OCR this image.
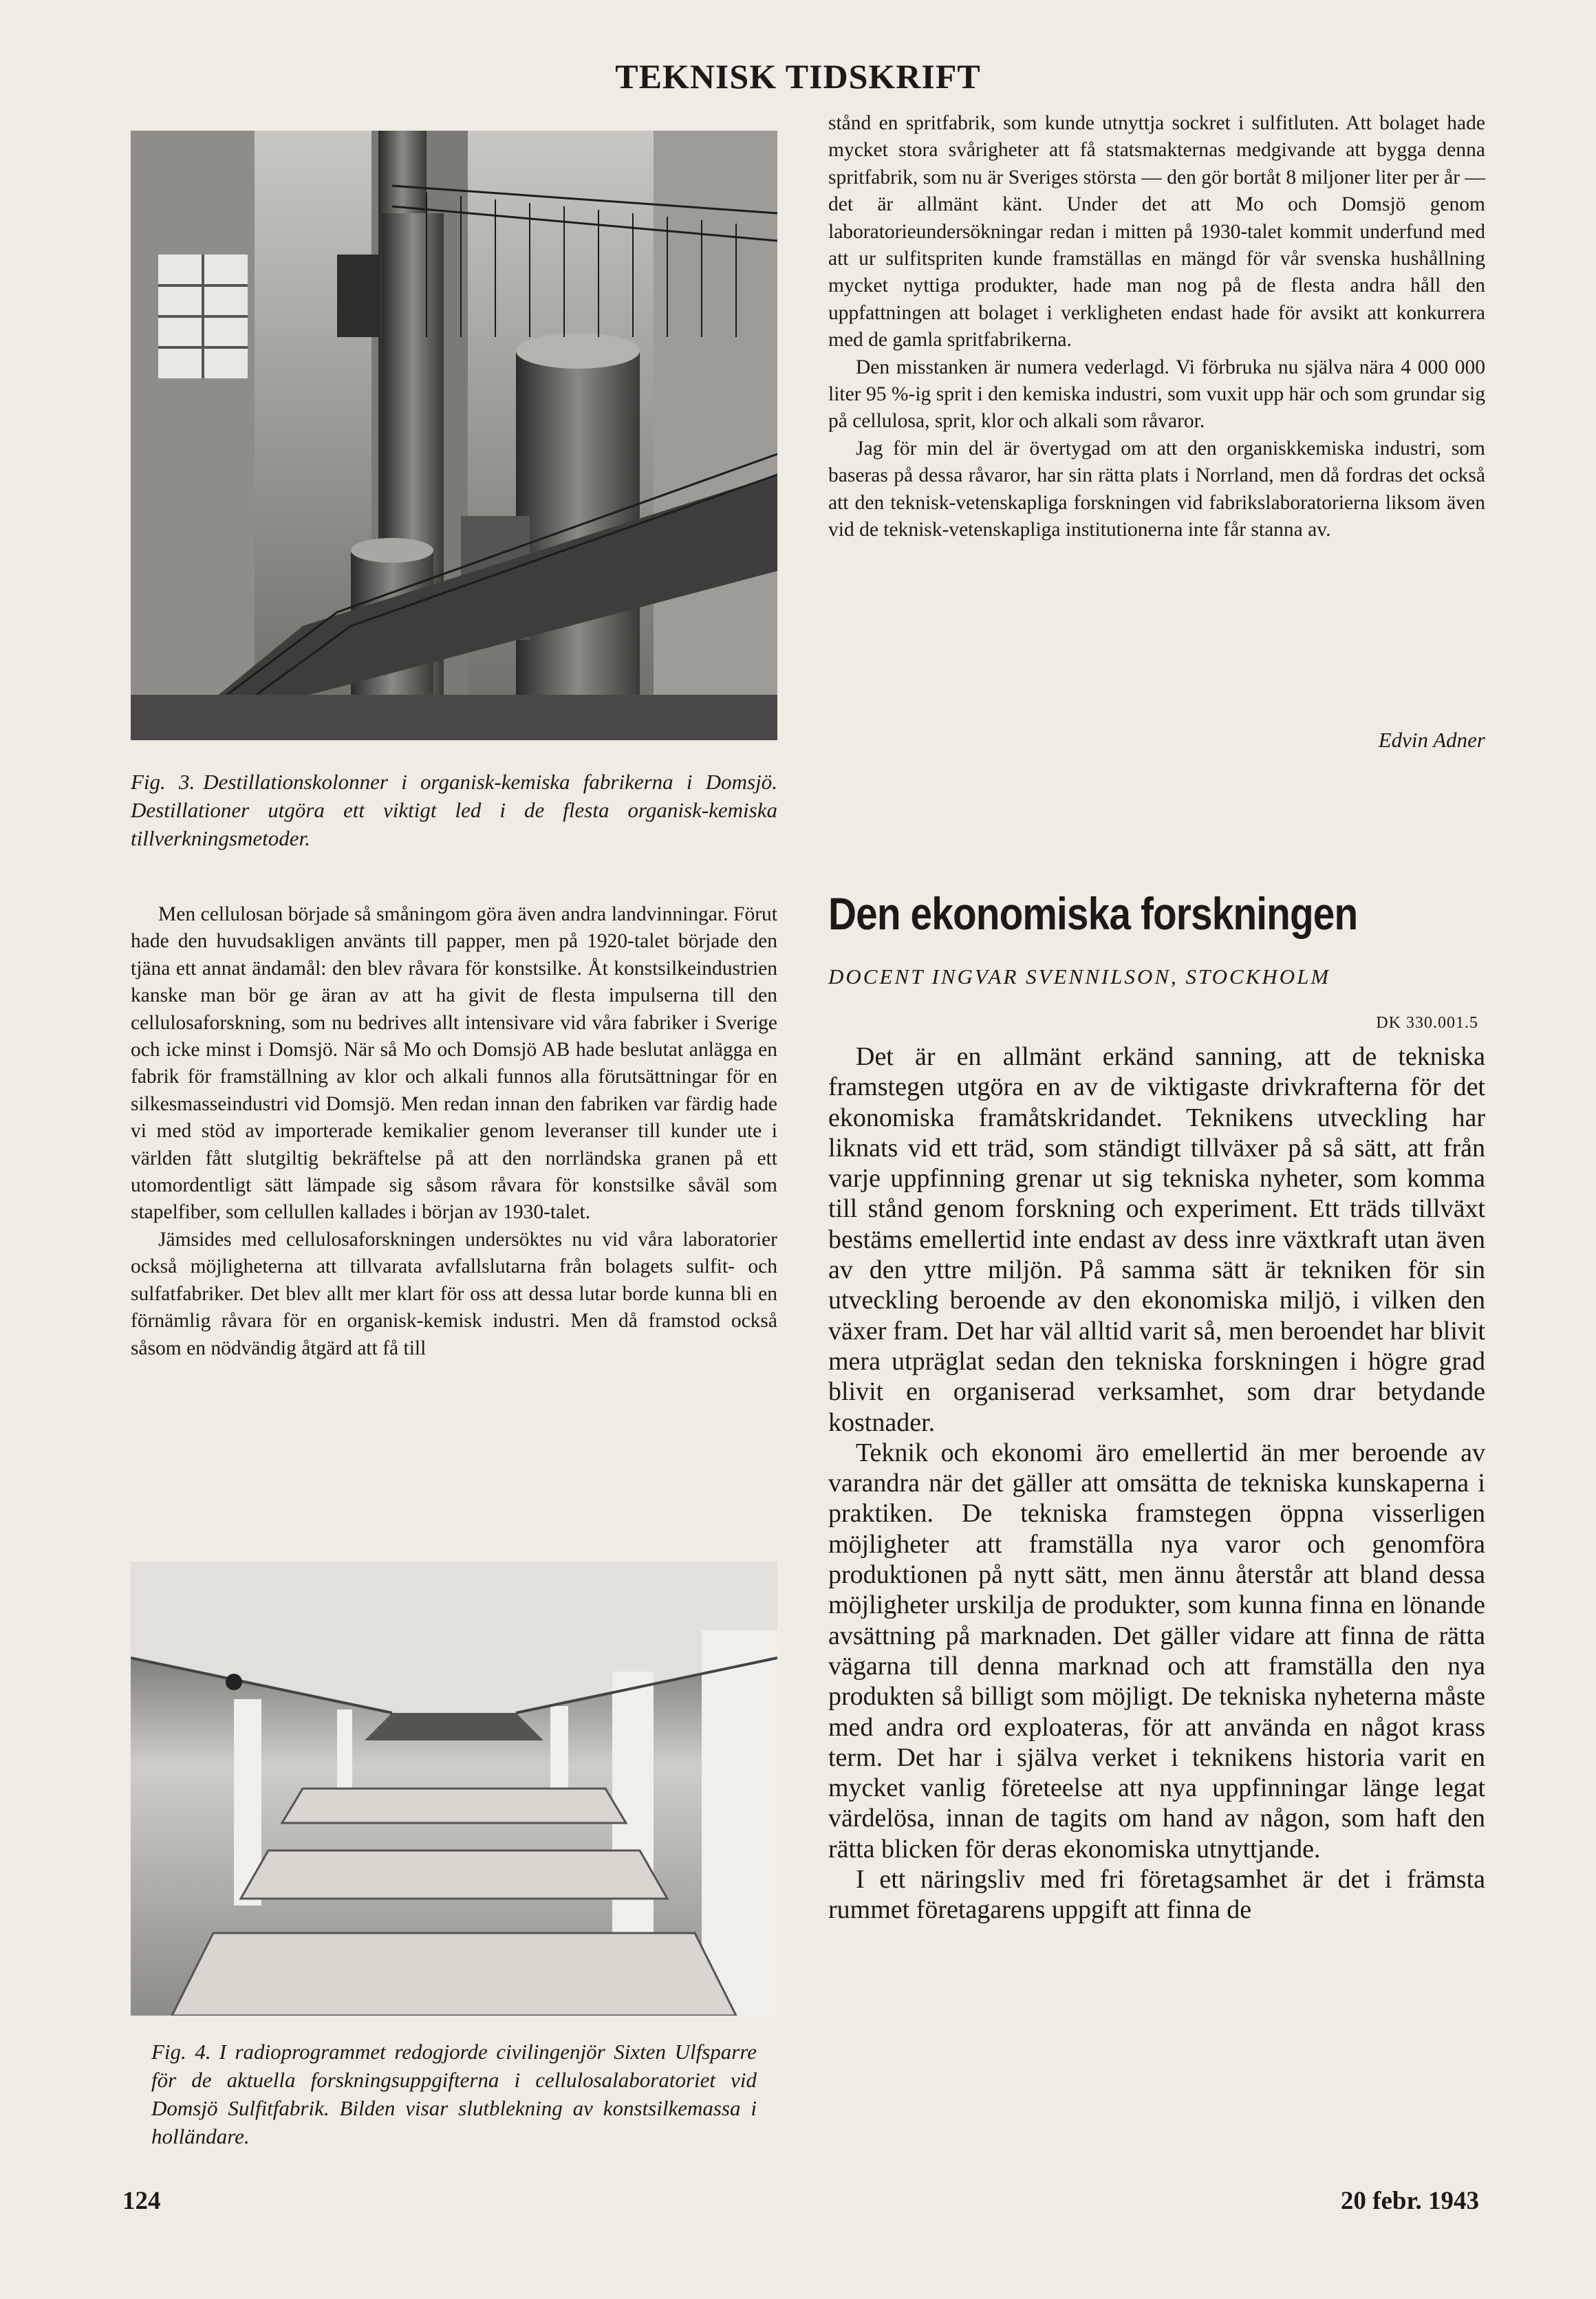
TEKNISK TIDSKRIFT
Fig. 3. Destillationskolonner i organisk-kemiska fabrikerna i Domsjö. Destillationer utgöra ett viktigt led i de flesta organisk-kemiska tillverkningsmetoder.

Men cellulosan började så småningom göra även andra landvinningar. Förut hade den huvudsakligen använts till papper, men på 1920-talet började den tjäna ett annat ändamål: den blev råvara för konstsilke. Åt konstsilkeindustrien kanske man bör ge äran av att ha givit de flesta impulserna till den cellulosaforskning, som nu bedrives allt intensivare vid våra fabriker i Sverige och icke minst i Domsjö. När så Mo och Domsjö AB hade beslutat anlägga en fabrik för framställning av klor och alkali funnos alla förutsättningar för en silkesmasseindustri vid Domsjö. Men redan innan den fabriken var färdig hade vi med stöd av importerade kemikalier genom leveranser till kunder ute i världen fått slutgiltig bekräftelse på att den norrländska granen på ett utomordentligt sätt lämpade sig såsom råvara för konstsilke såväl som stapelfiber, som cellullen kallades i början av 1930-talet.

Jämsides med cellulosaforskningen undersöktes nu vid våra laboratorier också möjligheterna att tillvarata avfallslutarna från bolagets sulfit- och sulfatfabriker. Det blev allt mer klart för oss att dessa lutar borde kunna bli en förnämlig råvara för en organisk-kemisk industri. Men då framstod också såsom en nödvändig åtgärd att få till

Fig. 4. I radioprogrammet redogjorde civilingenjör Sixten Ulfsparre för de aktuella forskningsuppgifterna i cellulosalaboratoriet vid Domsjö Sulfitfabrik. Bilden visar slutblekning av konstsilkemassa i holländare.

stånd en spritfabrik, som kunde utnyttja sockret i sulfitluten. Att bolaget hade mycket stora svårigheter att få statsmakternas medgivande att bygga denna spritfabrik, som nu är Sveriges största — den gör bortåt 8 miljoner liter per år — det är allmänt känt. Under det att Mo och Domsjö genom laboratorieundersökningar redan i mitten på 1930-talet kommit underfund med att ur sulfitspriten kunde framställas en mängd för vår svenska hushållning mycket nyttiga produkter, hade man nog på de flesta andra håll den uppfattningen att bolaget i verkligheten endast hade för avsikt att konkurrera med de gamla spritfabrikerna.

Den misstanken är numera vederlagd. Vi förbruka nu själva nära 4 000 000 liter 95 %-ig sprit i den kemiska industri, som vuxit upp här och som grundar sig på cellulosa, sprit, klor och alkali som råvaror.

Jag för min del är övertygad om att den organiskkemiska industri, som baseras på dessa råvaror, har sin rätta plats i Norrland, men då fordras det också att den teknisk-vetenskapliga forskningen vid fabrikslaboratorierna liksom även vid de teknisk-vetenskapliga institutionerna inte får stanna av.

Edvin Adner
Den ekonomiska forskningen
DOCENT INGVAR SVENNILSON, STOCKHOLM
DK 330.001.5

Det är en allmänt erkänd sanning, att de tekniska framstegen utgöra en av de viktigaste drivkrafterna för det ekonomiska framåtskridandet. Teknikens utveckling har liknats vid ett träd, som ständigt tillväxer på så sätt, att från varje uppfinning grenar ut sig tekniska nyheter, som komma till stånd genom forskning och experiment. Ett träds tillväxt bestäms emellertid inte endast av dess inre växtkraft utan även av den yttre miljön. På samma sätt är tekniken för sin utveckling beroende av den ekonomiska miljö, i vilken den växer fram. Det har väl alltid varit så, men beroendet har blivit mera utpräglat sedan den tekniska forskningen i högre grad blivit en organiserad verksamhet, som drar betydande kostnader.

Teknik och ekonomi äro emellertid än mer beroende av varandra när det gäller att omsätta de tekniska kunskaperna i praktiken. De tekniska framstegen öppna visserligen möjligheter att framställa nya varor och genomföra produktionen på nytt sätt, men ännu återstår att bland dessa möjligheter urskilja de produkter, som kunna finna en lönande avsättning på marknaden. Det gäller vidare att finna de rätta vägarna till denna marknad och att framställa den nya produkten så billigt som möjligt. De tekniska nyheterna måste med andra ord exploateras, för att använda en något krass term. Det har i själva verket i teknikens historia varit en mycket vanlig företeelse att nya uppfinningar länge legat värdelösa, innan de tagits om hand av någon, som haft den rätta blicken för deras ekonomiska utnyttjande.

I ett näringsliv med fri företagsamhet är det i främsta rummet företagarens uppgift att finna de

124	20 febr. 1943
